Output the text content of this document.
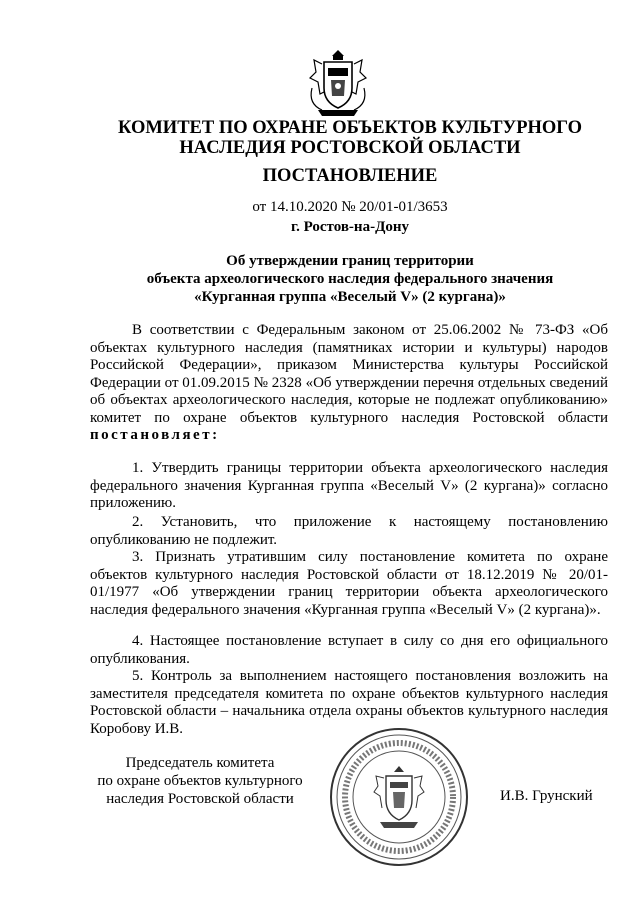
КОМИТЕТ ПО ОХРАНЕ ОБЪЕКТОВ КУЛЬТУРНОГО
НАСЛЕДИЯ РОСТОВСКОЙ ОБЛАСТИ
ПОСТАНОВЛЕНИЕ
от 14.10.2020 № 20/01-01/3653
г. Ростов-на-Дону
Об утверждении границ территории
объекта археологического наследия федерального значения
«Курганная группа «Веселый V» (2 кургана)»

В соответствии с Федеральным законом от 25.06.2002 № 73-ФЗ «Об объектах культурного наследия (памятниках истории и культуры) народов Российской Федерации», приказом Министерства культуры Российской Федерации от 01.09.2015 № 2328 «Об утверждении перечня отдельных сведений об объектах археологического наследия, которые не подлежат опубликованию» комитет по охране объектов культурного наследия Ростовской области постановляет:

1. Утвердить границы территории объекта археологического наследия федерального значения Курганная группа «Веселый V» (2 кургана)» согласно приложению.

2. Установить, что приложение к настоящему постановлению опубликованию не подлежит.

3. Признать утратившим силу постановление комитета по охране объектов культурного наследия Ростовской области от 18.12.2019 № 20/01-01/1977 «Об утверждении границ территории объекта археологического наследия федерального значения «Курганная группа «Веселый V» (2 кургана)».

4. Настоящее постановление вступает в силу со дня его официального опубликования.

5. Контроль за выполнением настоящего постановления возложить на заместителя председателя комитета по охране объектов культурного наследия Ростовской области – начальника отдела охраны объектов культурного наследия Коробову И.В.

Председатель комитета
по охране объектов культурного
наследия Ростовской области	И.В. Грунский
